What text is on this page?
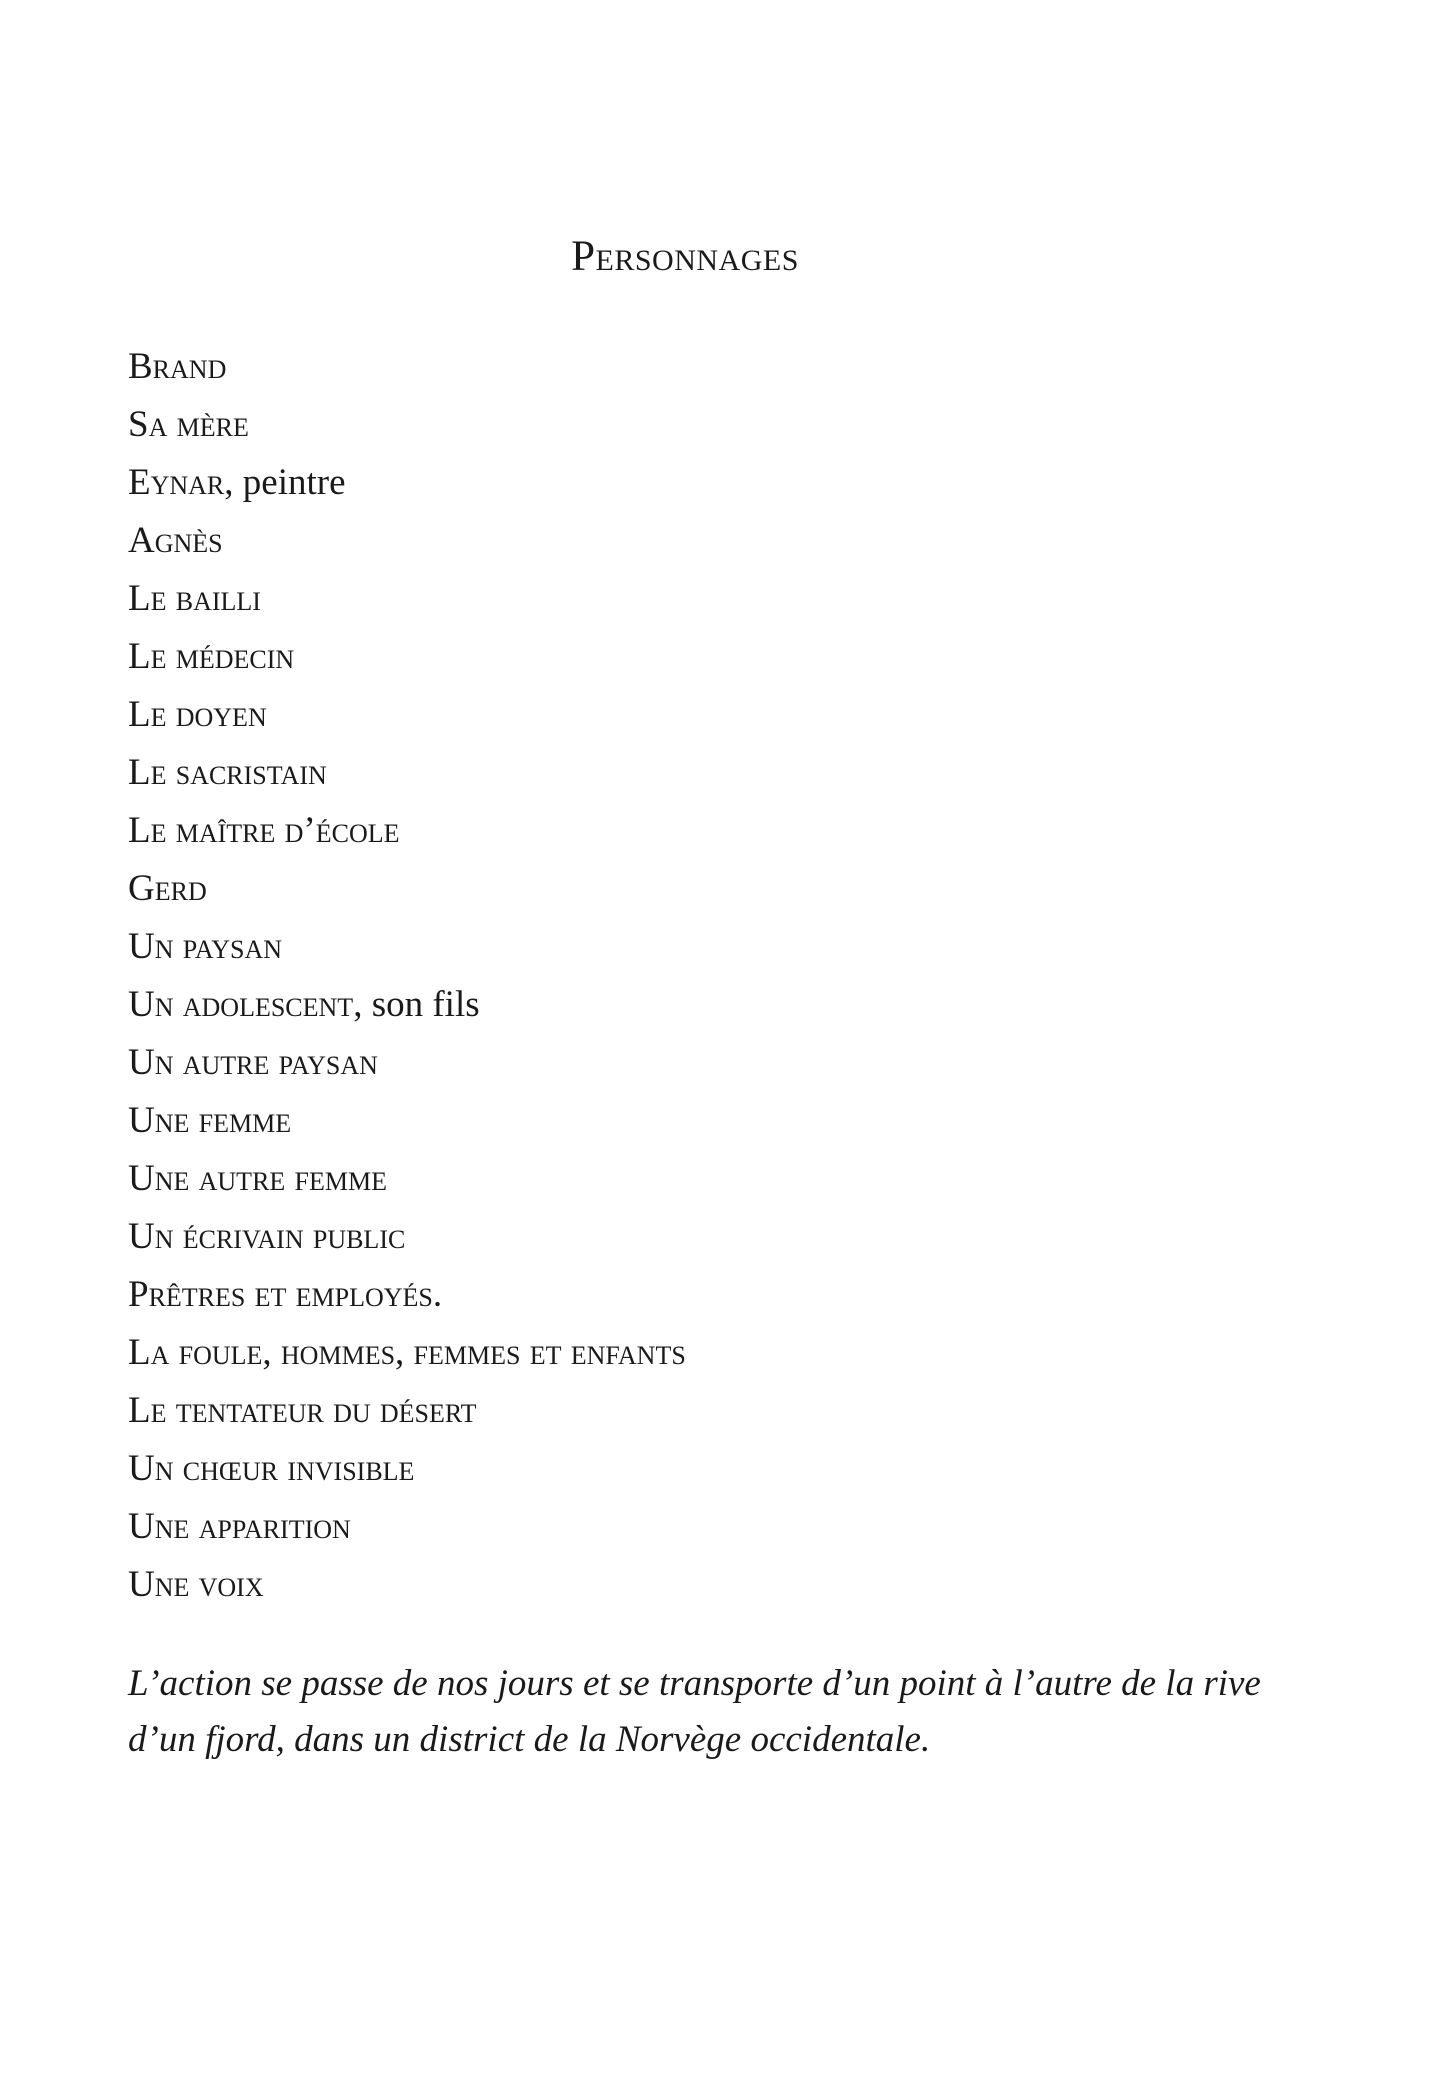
Personnages
Brand
Sa mère
Eynar, peintre
Agnès
Le bailli
Le médecin
Le doyen
Le sacristain
Le maître d’école
Gerd
Un paysan
Un adolescent, son fils
Un autre paysan
Une femme
Une autre femme
Un écrivain public
Prêtres et employés.
La foule, hommes, femmes et enfants
Le tentateur du désert
Un chœur invisible
Une apparition
Une voix

L’action se passe de nos jours et se transporte d’un point à l’autre de la rive d’un fjord, dans un district de la Norvège occidentale.
